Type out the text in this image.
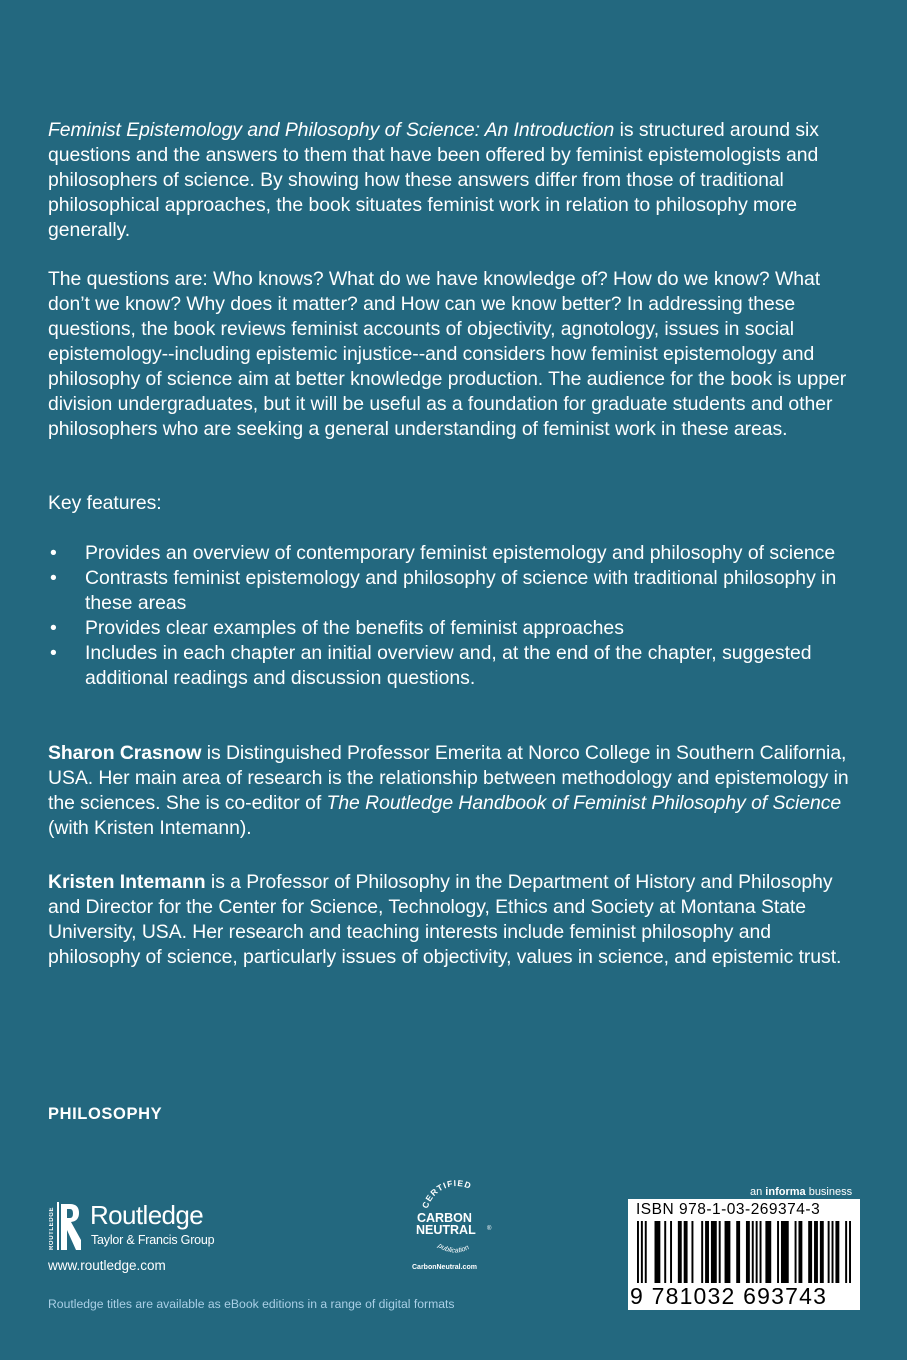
Feminist Epistemology and Philosophy of Science: An Introduction is structured around six questions and the answers to them that have been offered by feminist epistemologists and philosophers of science. By showing how these answers differ from those of traditional philosophical approaches, the book situates feminist work in relation to philosophy more generally.

The questions are: Who knows? What do we have knowledge of? How do we know? What don’t we know? Why does it matter? and How can we know better? In addressing these questions, the book reviews feminist accounts of objectivity, agnotology, issues in social epistemology--including epistemic injustice--and considers how feminist epistemology and philosophy of science aim at better knowledge production. The audience for the book is upper division undergraduates, but it will be useful as a foundation for graduate students and other philosophers who are seeking a general understanding of feminist work in these areas.

Key features:

• Provides an overview of contemporary feminist epistemology and philosophy of science
• Contrasts feminist epistemology and philosophy of science with traditional philosophy in these areas
• Provides clear examples of the benefits of feminist approaches
• Includes in each chapter an initial overview and, at the end of the chapter, suggested additional readings and discussion questions.

Sharon Crasnow is Distinguished Professor Emerita at Norco College in Southern California, USA. Her main area of research is the relationship between methodology and epistemology in the sciences. She is co-editor of The Routledge Handbook of Feminist Philosophy of Science (with Kristen Intemann).

Kristen Intemann is a Professor of Philosophy in the Department of History and Philosophy and Director for the Center for Science, Technology, Ethics and Society at Montana State University, USA. Her research and teaching interests include feminist philosophy and philosophy of science, particularly issues of objectivity, values in science, and epistemic trust.

PHILOSOPHY
ROUTLEDGE Routledge
Taylor & Francis Group
www.routledge.com
Routledge titles are available as eBook editions in a range of digital formats
CERTIFIED
CARBON
NEUTRAL ®
publication
CarbonNeutral.com
an informa business
ISBN 978-1-03-269374-3
9 781032 693743
